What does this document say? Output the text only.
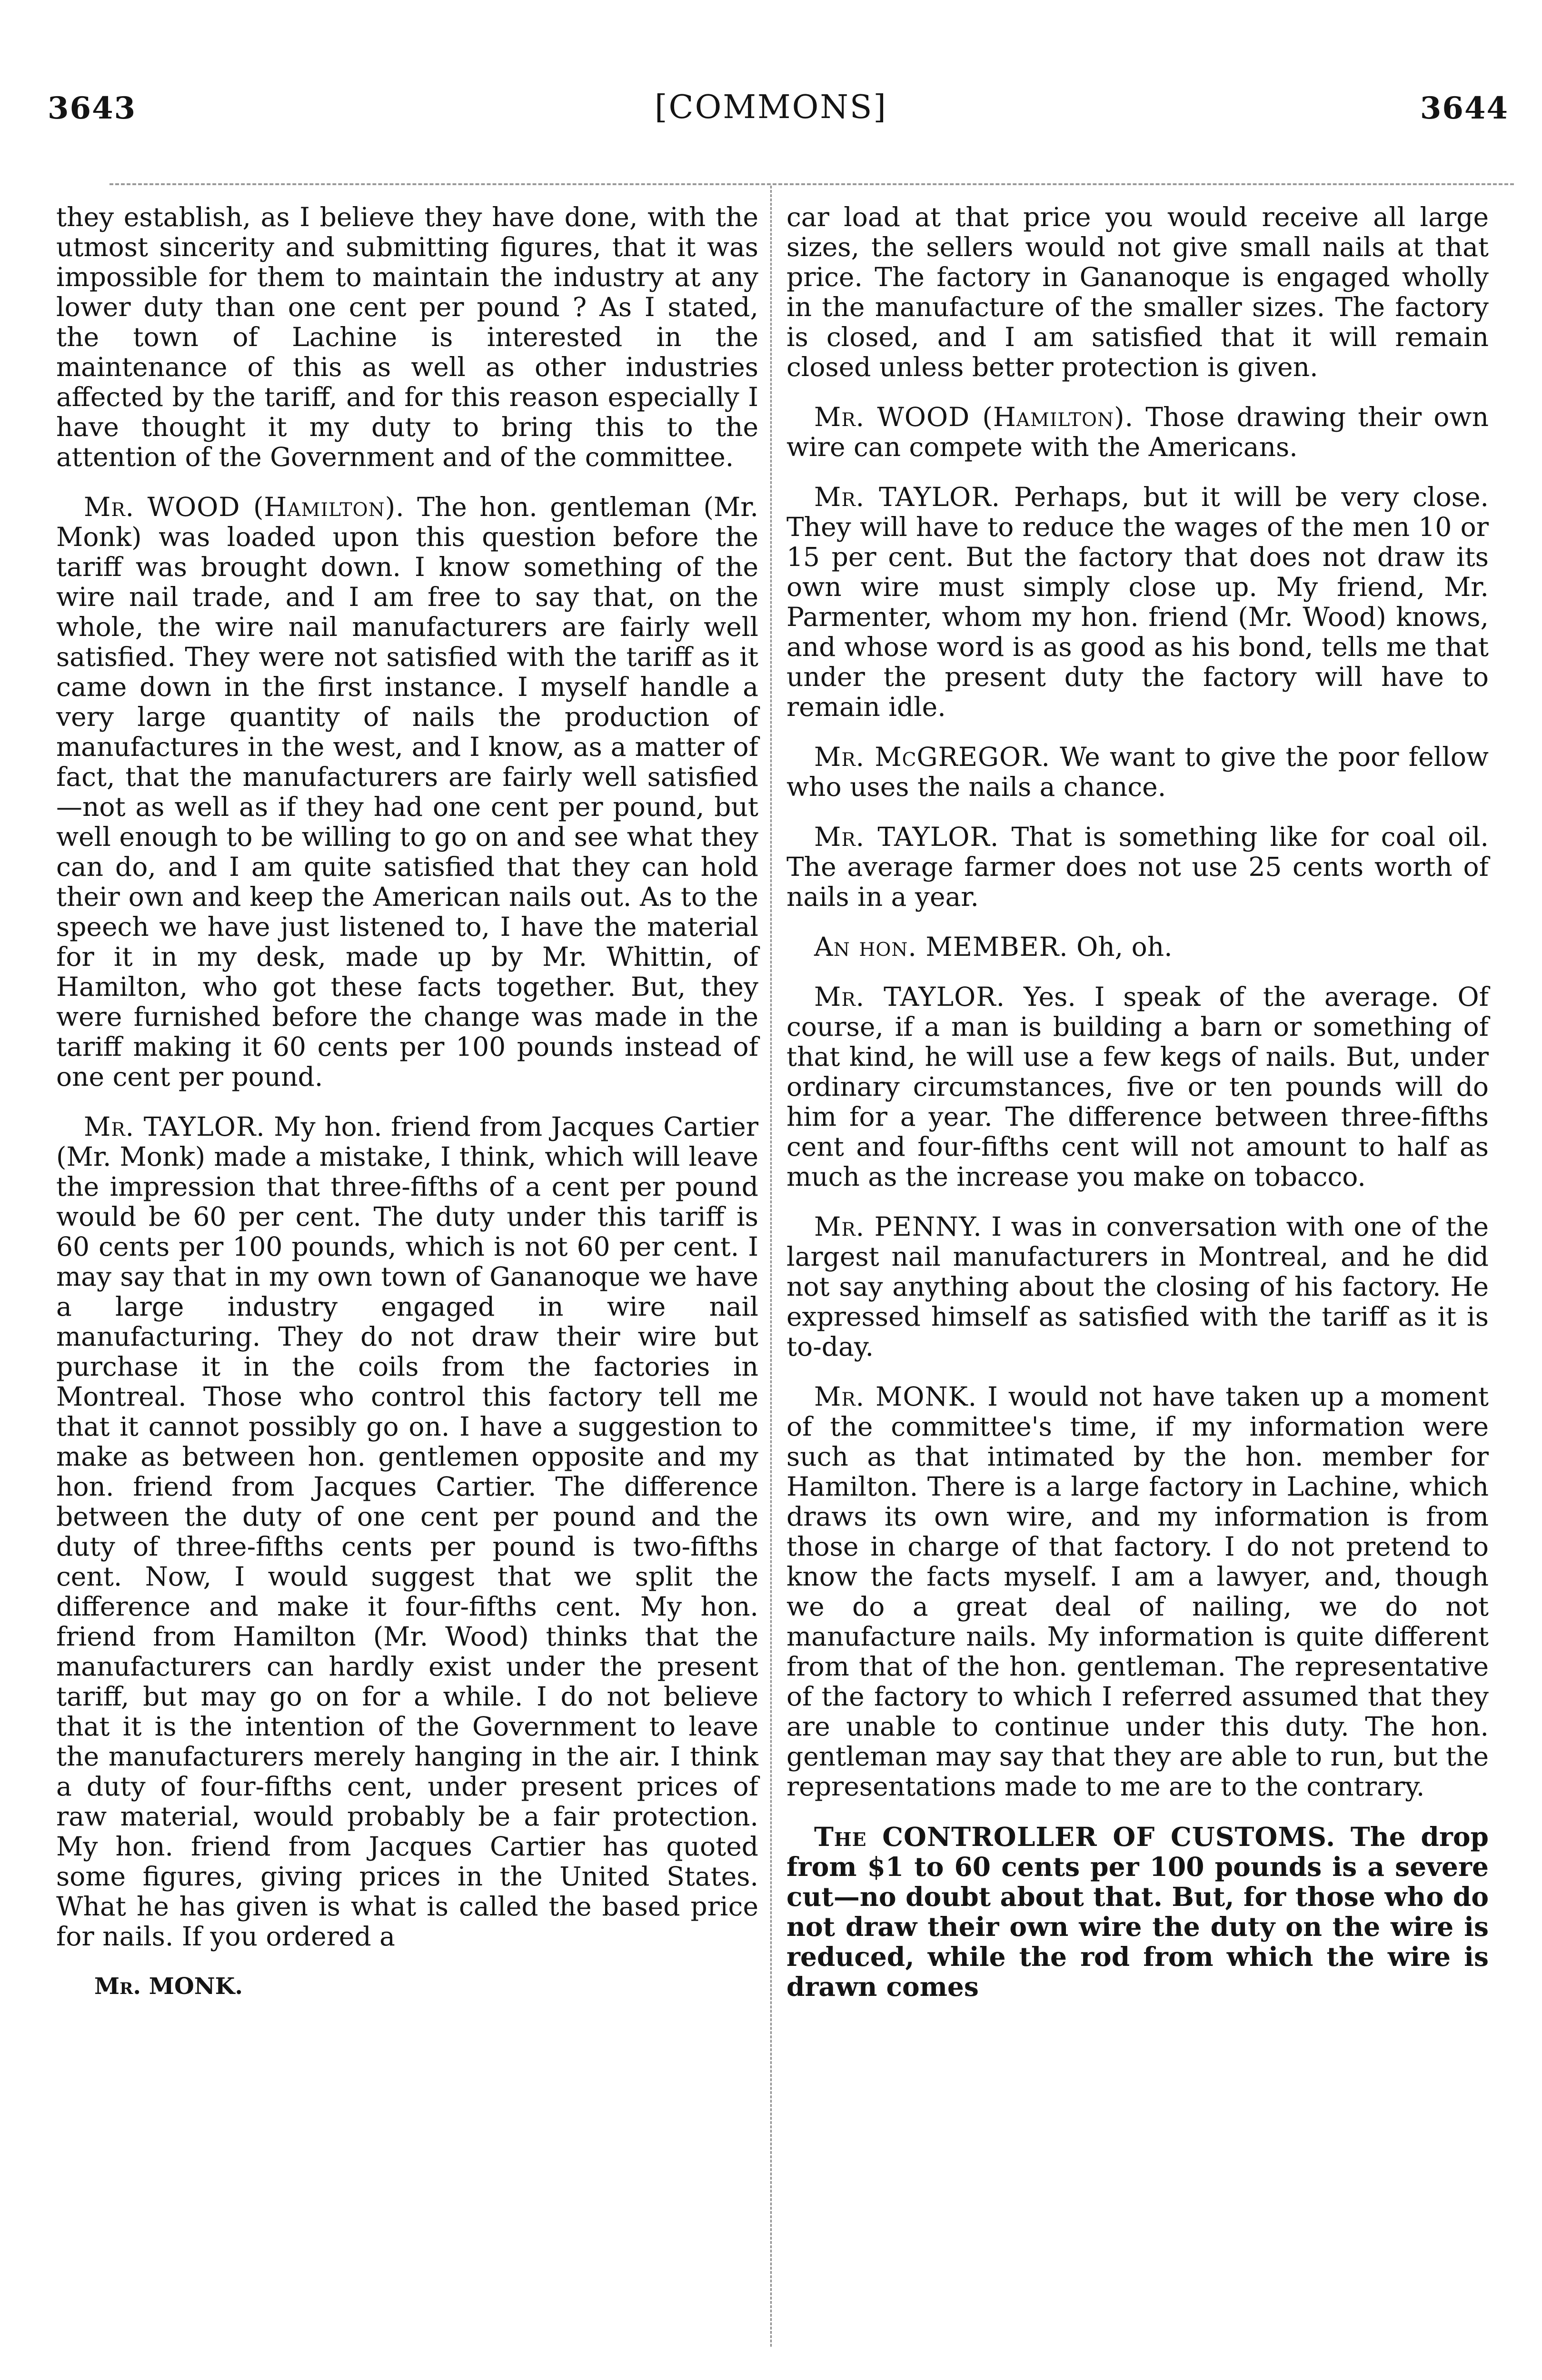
3643	[COMMONS]	3644

they establish, as I believe they have done, with the utmost sincerity and submitting figures, that it was impossible for them to maintain the industry at any lower duty than one cent per pound ? As I stated, the town of Lachine is interested in the maintenance of this as well as other industries affected by the tariff, and for this reason especially I have thought it my duty to bring this to the attention of the Government and of the committee.

Mr. WOOD (Hamilton). The hon. gentleman (Mr. Monk) was loaded upon this question before the tariff was brought down. I know something of the wire nail trade, and I am free to say that, on the whole, the wire nail manufacturers are fairly well satisfied. They were not satisfied with the tariff as it came down in the first instance. I myself handle a very large quantity of nails the production of manufactures in the west, and I know, as a matter of fact, that the manufacturers are fairly well satisfied —not as well as if they had one cent per pound, but well enough to be willing to go on and see what they can do, and I am quite satisfied that they can hold their own and keep the American nails out. As to the speech we have just listened to, I have the material for it in my desk, made up by Mr. Whittin, of Hamilton, who got these facts together. But, they were furnished before the change was made in the tariff making it 60 cents per 100 pounds instead of one cent per pound.

Mr. TAYLOR. My hon. friend from Jacques Cartier (Mr. Monk) made a mistake, I think, which will leave the impression that three-fifths of a cent per pound would be 60 per cent. The duty under this tariff is 60 cents per 100 pounds, which is not 60 per cent. I may say that in my own town of Gananoque we have a large industry engaged in wire nail manufacturing. They do not draw their wire but purchase it in the coils from the factories in Montreal. Those who control this factory tell me that it cannot possibly go on. I have a suggestion to make as between hon. gentlemen opposite and my hon. friend from Jacques Cartier. The difference between the duty of one cent per pound and the duty of three-fifths cents per pound is two-fifths cent. Now, I would suggest that we split the difference and make it four-fifths cent. My hon. friend from Hamilton (Mr. Wood) thinks that the manufacturers can hardly exist under the present tariff, but may go on for a while. I do not believe that it is the intention of the Government to leave the manufacturers merely hanging in the air. I think a duty of four-fifths cent, under present prices of raw material, would probably be a fair protection. My hon. friend from Jacques Cartier has quoted some figures, giving prices in the United States. What he has given is what is called the based price for nails. If you ordered a

Mr. MONK.

car load at that price you would receive all large sizes, the sellers would not give small nails at that price. The factory in Gananoque is engaged wholly in the manufacture of the smaller sizes. The factory is closed, and I am satisfied that it will remain closed unless better protection is given.

Mr. WOOD (Hamilton). Those drawing their own wire can compete with the Americans.

Mr. TAYLOR. Perhaps, but it will be very close. They will have to reduce the wages of the men 10 or 15 per cent. But the factory that does not draw its own wire must simply close up. My friend, Mr. Parmenter, whom my hon. friend (Mr. Wood) knows, and whose word is as good as his bond, tells me that under the present duty the factory will have to remain idle.

Mr. McGREGOR. We want to give the poor fellow who uses the nails a chance.

Mr. TAYLOR. That is something like for coal oil. The average farmer does not use 25 cents worth of nails in a year.

An hon. MEMBER. Oh, oh.

Mr. TAYLOR. Yes. I speak of the average. Of course, if a man is building a barn or something of that kind, he will use a few kegs of nails. But, under ordinary circumstances, five or ten pounds will do him for a year. The difference between three-fifths cent and four-fifths cent will not amount to half as much as the increase you make on tobacco.

Mr. PENNY. I was in conversation with one of the largest nail manufacturers in Montreal, and he did not say anything about the closing of his factory. He expressed himself as satisfied with the tariff as it is to-day.

Mr. MONK. I would not have taken up a moment of the committee's time, if my information were such as that intimated by the hon. member for Hamilton. There is a large factory in Lachine, which draws its own wire, and my information is from those in charge of that factory. I do not pretend to know the facts myself. I am a lawyer, and, though we do a great deal of nailing, we do not manufacture nails. My information is quite different from that of the hon. gentleman. The representative of the factory to which I referred assumed that they are unable to continue under this duty. The hon. gentleman may say that they are able to run, but the representations made to me are to the contrary.

The CONTROLLER OF CUSTOMS. The drop from $1 to 60 cents per 100 pounds is a severe cut—no doubt about that. But, for those who do not draw their own wire the duty on the wire is reduced, while the rod from which the wire is drawn comes
